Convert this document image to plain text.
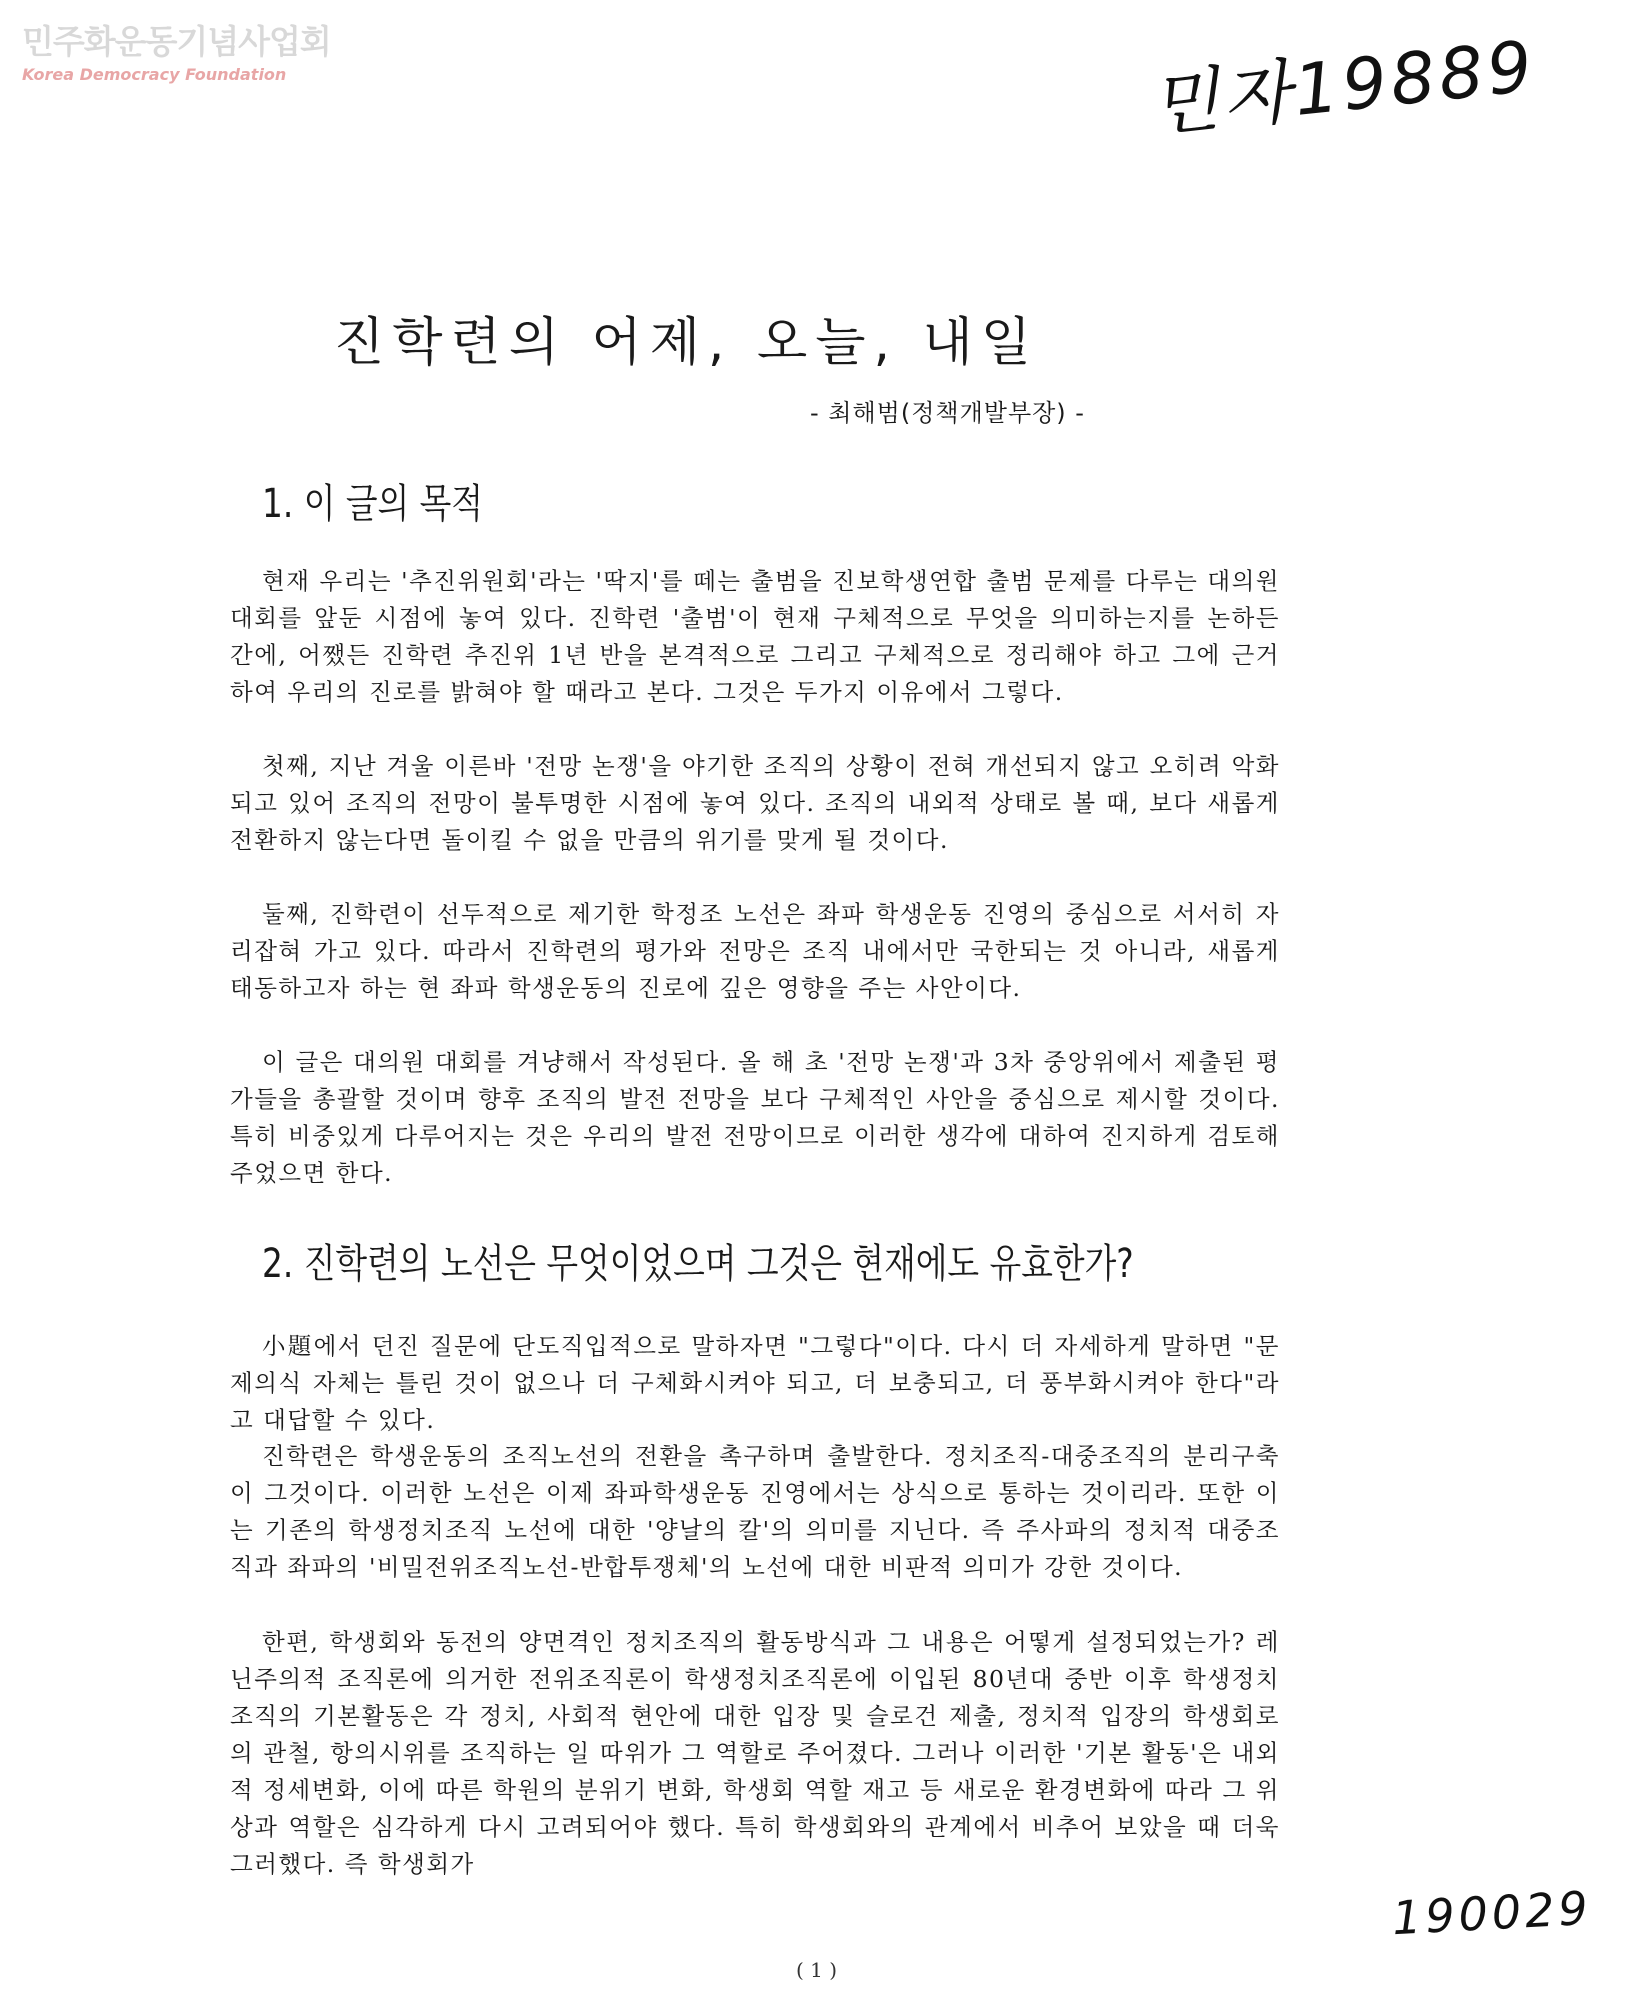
민주화운동기념사업회
Korea Democracy Foundation	민자19889
진학련의 어제, 오늘, 내일
- 최해범(정책개발부장) -
1. 이 글의 목적

현재 우리는 '추진위원회'라는 '딱지'를 떼는 출범을 진보학생연합 출범 문제를 다루는 대의원대회를 앞둔 시점에 놓여 있다. 진학련 '출범'이 현재 구체적으로 무엇을 의미하는지를 논하든 간에, 어쨌든 진학련 추진위 1년 반을 본격적으로 그리고 구체적으로 정리해야 하고 그에 근거하여 우리의 진로를 밝혀야 할 때라고 본다. 그것은 두가지 이유에서 그렇다.

첫째, 지난 겨울 이른바 '전망 논쟁'을 야기한 조직의 상황이 전혀 개선되지 않고 오히려 악화되고 있어 조직의 전망이 불투명한 시점에 놓여 있다. 조직의 내외적 상태로 볼 때, 보다 새롭게 전환하지 않는다면 돌이킬 수 없을 만큼의 위기를 맞게 될 것이다.

둘째, 진학련이 선두적으로 제기한 학정조 노선은 좌파 학생운동 진영의 중심으로 서서히 자리잡혀 가고 있다. 따라서 진학련의 평가와 전망은 조직 내에서만 국한되는 것 아니라, 새롭게 태동하고자 하는 현 좌파 학생운동의 진로에 깊은 영향을 주는 사안이다.

이 글은 대의원 대회를 겨냥해서 작성된다. 올 해 초 '전망 논쟁'과 3차 중앙위에서 제출된 평가들을 총괄할 것이며 향후 조직의 발전 전망을 보다 구체적인 사안을 중심으로 제시할 것이다. 특히 비중있게 다루어지는 것은 우리의 발전 전망이므로 이러한 생각에 대하여 진지하게 검토해 주었으면 한다.

2. 진학련의 노선은 무엇이었으며 그것은 현재에도 유효한가?

小題에서 던진 질문에 단도직입적으로 말하자면 "그렇다"이다. 다시 더 자세하게 말하면 "문제의식 자체는 틀린 것이 없으나 더 구체화시켜야 되고, 더 보충되고, 더 풍부화시켜야 한다"라고 대답할 수 있다.

진학련은 학생운동의 조직노선의 전환을 촉구하며 출발한다. 정치조직-대중조직의 분리구축이 그것이다. 이러한 노선은 이제 좌파학생운동 진영에서는 상식으로 통하는 것이리라. 또한 이는 기존의 학생정치조직 노선에 대한 '양날의 칼'의 의미를 지닌다. 즉 주사파의 정치적 대중조직과 좌파의 '비밀전위조직노선-반합투쟁체'의 노선에 대한 비판적 의미가 강한 것이다.

한편, 학생회와 동전의 양면격인 정치조직의 활동방식과 그 내용은 어떻게 설정되었는가? 레닌주의적 조직론에 의거한 전위조직론이 학생정치조직론에 이입된 80년대 중반 이후 학생정치조직의 기본활동은 각 정치, 사회적 현안에 대한 입장 및 슬로건 제출, 정치적 입장의 학생회로의 관철, 항의시위를 조직하는 일 따위가 그 역할로 주어졌다. 그러나 이러한 '기본 활동'은 내외적 정세변화, 이에 따른 학원의 분위기 변화, 학생회 역할 재고 등 새로운 환경변화에 따라 그 위상과 역할은 심각하게 다시 고려되어야 했다. 특히 학생회와의 관계에서 비추어 보았을 때 더욱 그러했다. 즉 학생회가

190029
( 1 )
